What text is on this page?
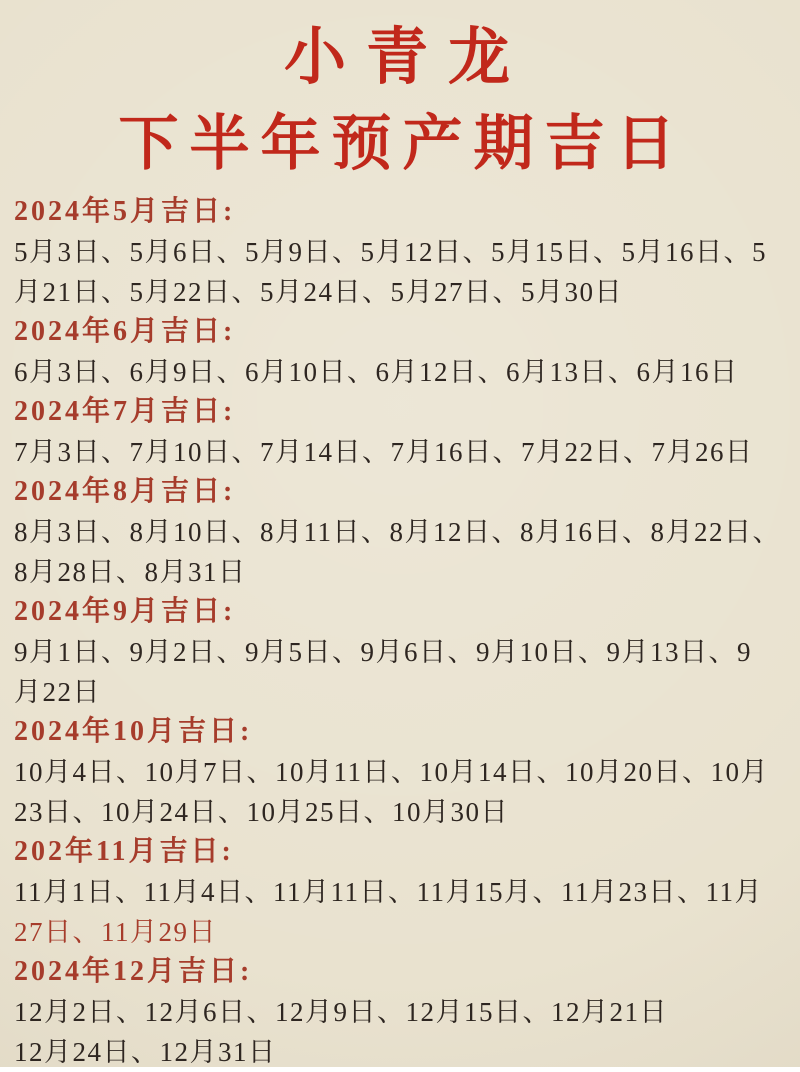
小青龙
下半年预产期吉日
2024年5月吉日:
5月3日、5月6日、5月9日、5月12日、5月15日、5月16日、5
月21日、5月22日、5月24日、5月27日、5月30日
2024年6月吉日:
6月3日、6月9日、6月10日、6月12日、6月13日、6月16日
2024年7月吉日:
7月3日、7月10日、7月14日、7月16日、7月22日、7月26日
2024年8月吉日:
8月3日、8月10日、8月11日、8月12日、8月16日、8月22日、
8月28日、8月31日
2024年9月吉日:
9月1日、9月2日、9月5日、9月6日、9月10日、9月13日、9
月22日
2024年10月吉日:
10月4日、10月7日、10月11日、10月14日、10月20日、10月
23日、10月24日、10月25日、10月30日
202年11月吉日:
11月1日、11月4日、11月11日、11月15月、11月23日、11月
27日、11月29日
2024年12月吉日:
12月2日、12月6日、12月9日、12月15日、12月21日
12月24日、12月31日
